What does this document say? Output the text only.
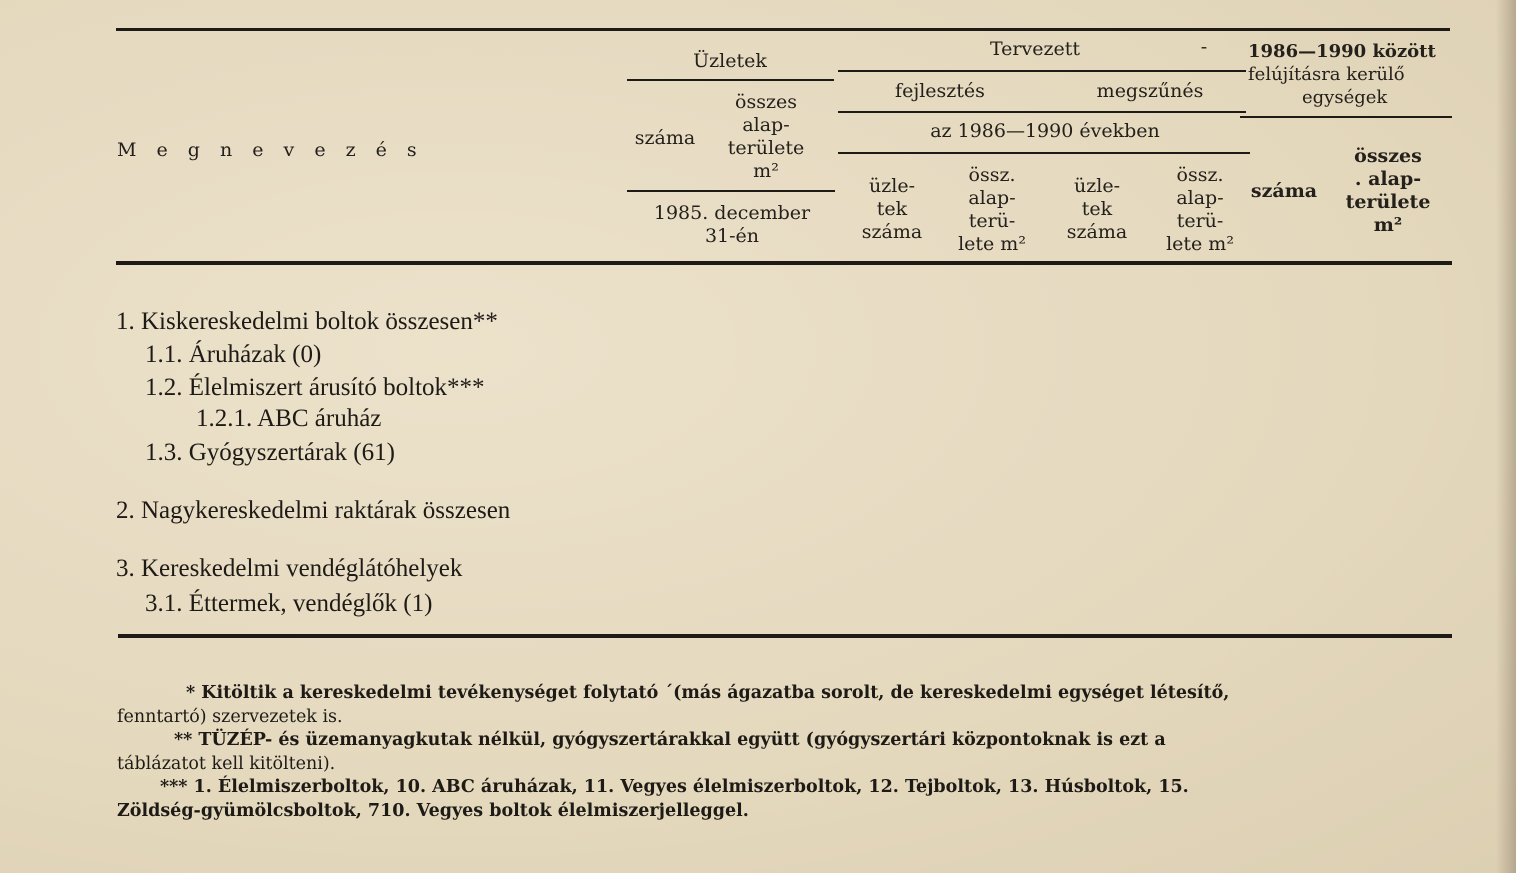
M e g n e v e z é s
Üzletek
száma
összes
alap-
területe
m²
1985. december
31-én
Tervezett	-
fejlesztés	megszűnés
az 1986—1990 években
üzle-
tek
száma
össz.
alap-
terü-
lete m²
üzle-
tek
száma
össz.
alap-
terü-
lete m²
1986—1990 között
felújításra kerülő
egységek
száma
összes
. alap-
területe
m²
1. Kiskereskedelmi boltok összesen**
1.1. Áruházak (0)
1.2. Élelmiszert árusító boltok***
1.2.1. ABC áruház
1.3. Gyógyszertárak (61)
2. Nagykereskedelmi raktárak összesen
3. Kereskedelmi vendéglátóhelyek
3.1. Éttermek, vendéglők (1)
* Kitöltik a kereskedelmi tevékenységet folytató ˊ(más ágazatba sorolt, de kereskedelmi egységet létesítő,
fenntartó) szervezetek is.
** TÜZÉP- és üzemanyagkutak nélkül, gyógyszertárakkal együtt (gyógyszertári központoknak is ezt a
táblázatot kell kitölteni).
*** 1. Élelmiszerboltok, 10. ABC áruházak, 11. Vegyes élelmiszerboltok, 12. Tejboltok, 13. Húsboltok, 15.
Zöldség-gyümölcsboltok, 710. Vegyes boltok élelmiszerjelleggel.
